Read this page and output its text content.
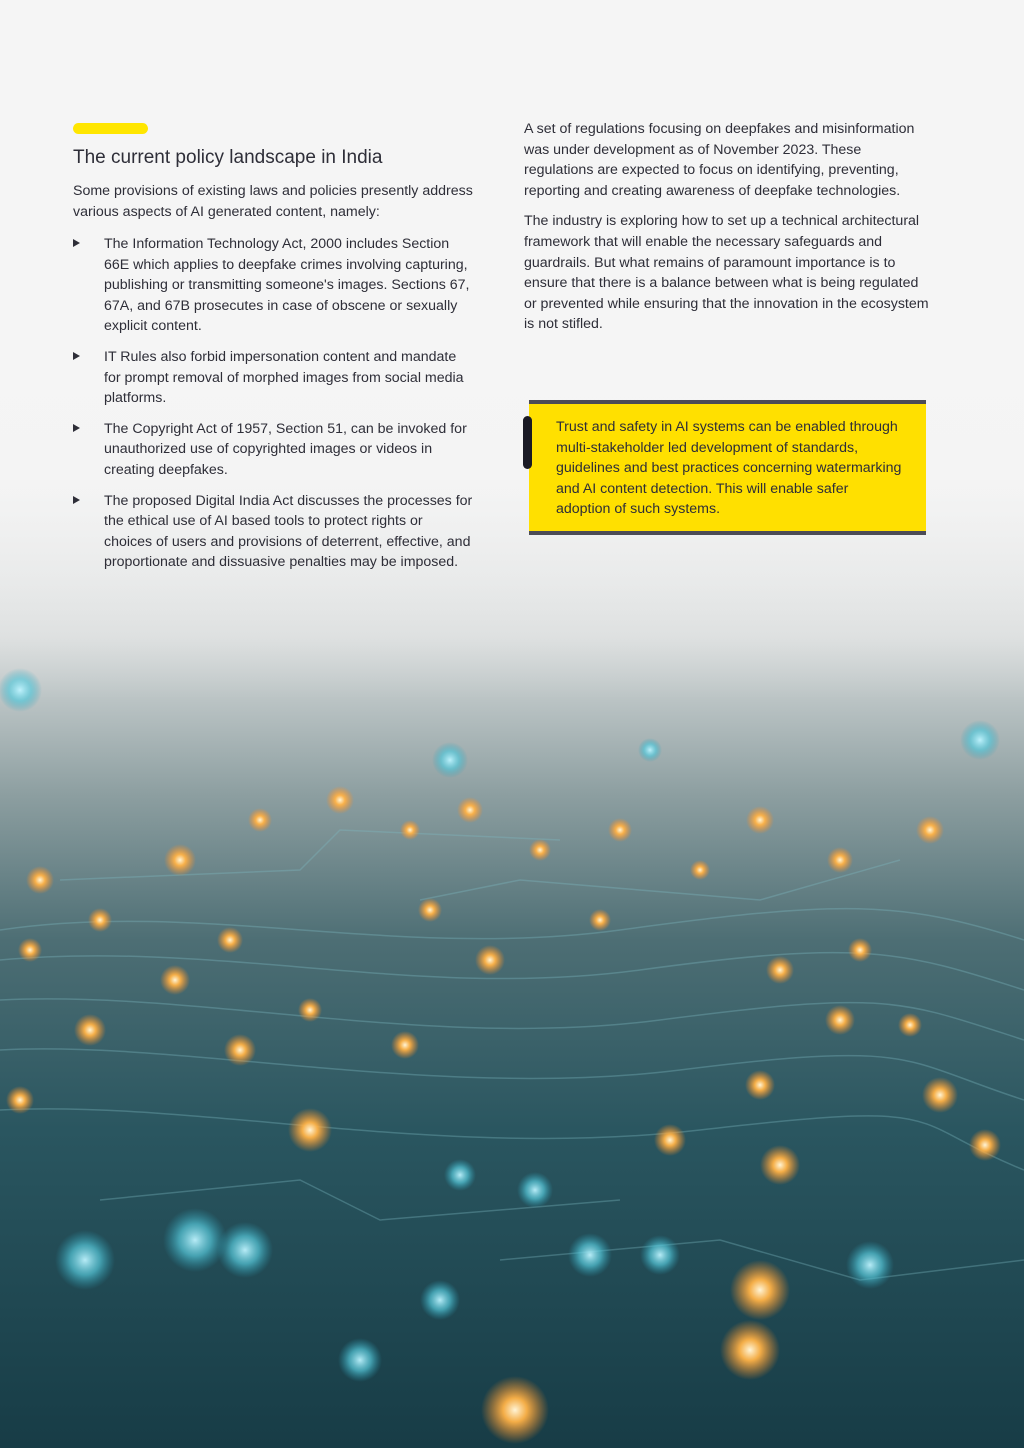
The current policy landscape in India

Some provisions of existing laws and policies presently address various aspects of AI generated content, namely:

The Information Technology Act, 2000 includes Section 66E which applies to deepfake crimes involving capturing, publishing or transmitting someone's images. Sections 67, 67A, and 67B prosecutes in case of obscene or sexually explicit content.
IT Rules also forbid impersonation content and mandate for prompt removal of morphed images from social media platforms.
The Copyright Act of 1957, Section 51, can be invoked for unauthorized use of copyrighted images or videos in creating deepfakes.
The proposed Digital India Act discusses the processes for the ethical use of AI based tools to protect rights or choices of users and provisions of deterrent, effective, and proportionate and dissuasive penalties may be imposed.

A set of regulations focusing on deepfakes and misinformation was under development as of November 2023. These regulations are expected to focus on identifying, preventing, reporting and creating awareness of deepfake technologies.

The industry is exploring how to set up a technical architectural framework that will enable the necessary safeguards and guardrails. But what remains of paramount importance is to ensure that there is a balance between what is being regulated or prevented while ensuring that the innovation in the ecosystem is not stifled.

Trust and safety in AI systems can be enabled through multi-stakeholder led development of standards, guidelines and best practices concerning watermarking and AI content detection. This will enable safer adoption of such systems.
